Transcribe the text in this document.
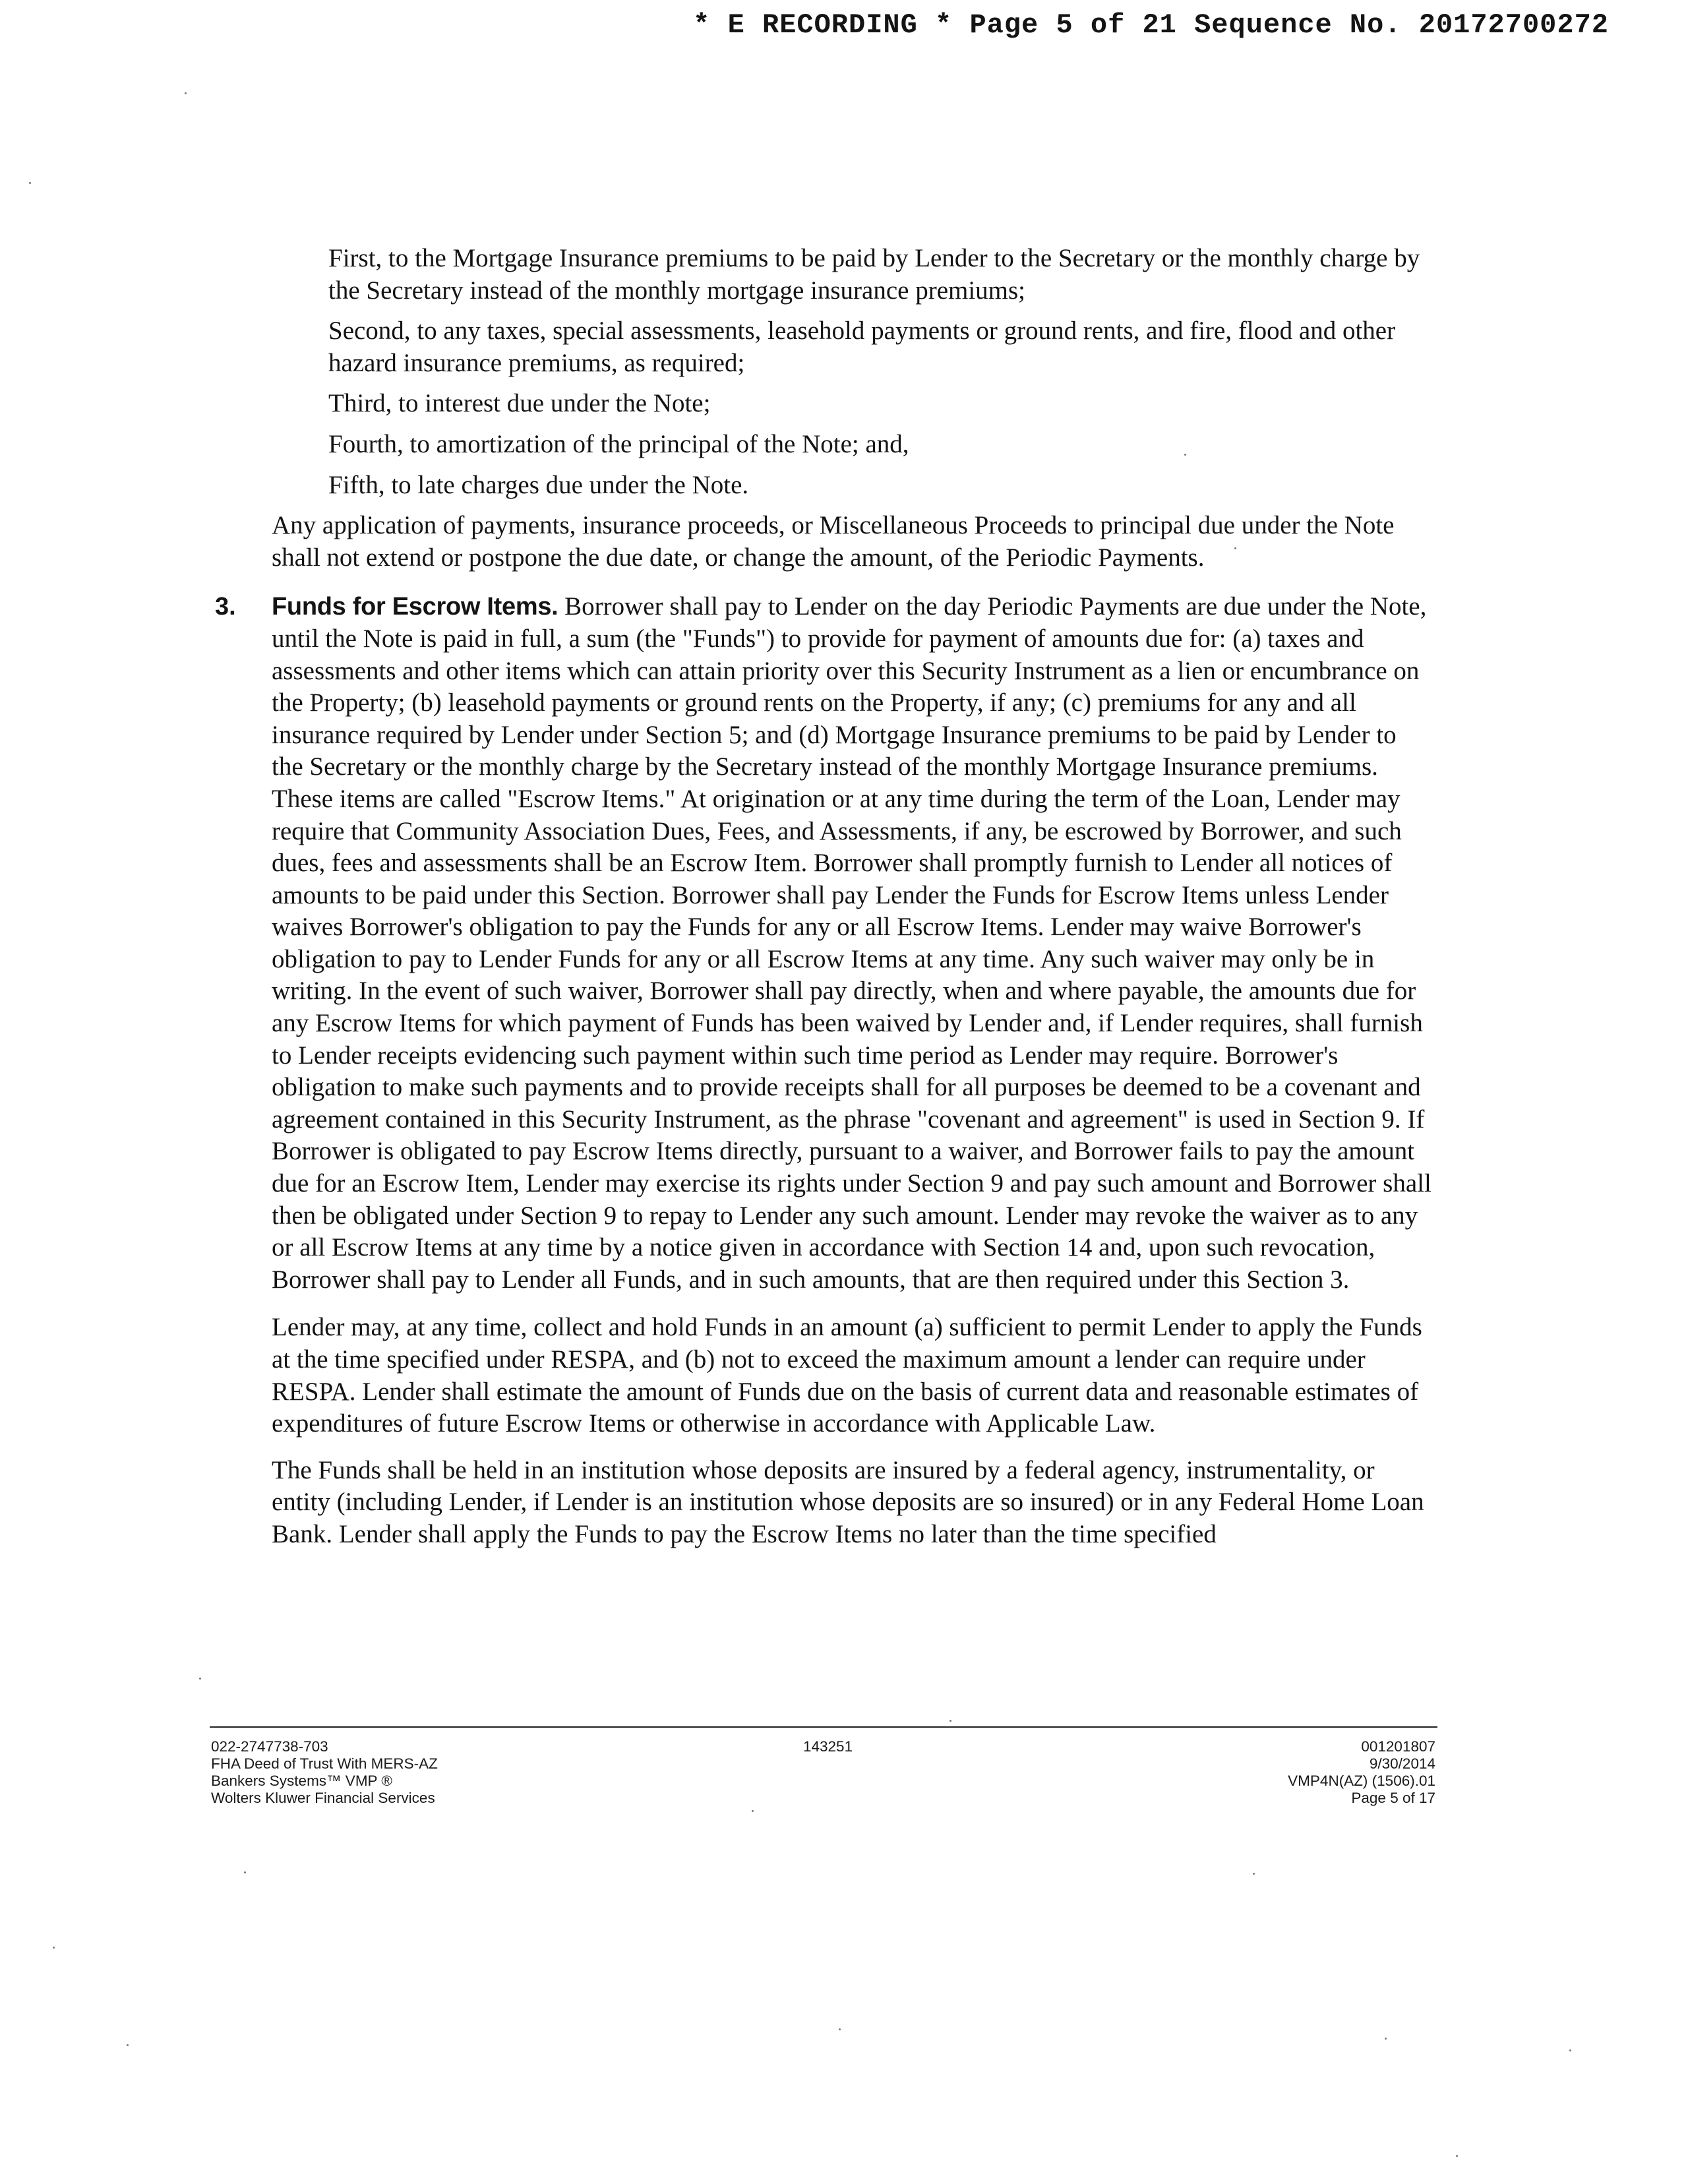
* E RECORDING * Page 5 of 21 Sequence No. 20172700272

First, to the Mortgage Insurance premiums to be paid by Lender to the Secretary or the monthly charge by the Secretary instead of the monthly mortgage insurance premiums;

Second, to any taxes, special assessments, leasehold payments or ground rents, and fire, flood and other hazard insurance premiums, as required;

Third, to interest due under the Note;

Fourth, to amortization of the principal of the Note; and,

Fifth, to late charges due under the Note.

Any application of payments, insurance proceeds, or Miscellaneous Proceeds to principal due under the Note shall not extend or postpone the due date, or change the amount, of the Periodic Payments.

3. Funds for Escrow Items. Borrower shall pay to Lender on the day Periodic Payments are due under the Note, until the Note is paid in full, a sum (the "Funds") to provide for payment of amounts due for: (a) taxes and assessments and other items which can attain priority over this Security Instrument as a lien or encumbrance on the Property; (b) leasehold payments or ground rents on the Property, if any; (c) premiums for any and all insurance required by Lender under Section 5; and (d) Mortgage Insurance premiums to be paid by Lender to the Secretary or the monthly charge by the Secretary instead of the monthly Mortgage Insurance premiums. These items are called "Escrow Items." At origination or at any time during the term of the Loan, Lender may require that Community Association Dues, Fees, and Assessments, if any, be escrowed by Borrower, and such dues, fees and assessments shall be an Escrow Item. Borrower shall promptly furnish to Lender all notices of amounts to be paid under this Section. Borrower shall pay Lender the Funds for Escrow Items unless Lender waives Borrower's obligation to pay the Funds for any or all Escrow Items. Lender may waive Borrower's obligation to pay to Lender Funds for any or all Escrow Items at any time. Any such waiver may only be in writing. In the event of such waiver, Borrower shall pay directly, when and where payable, the amounts due for any Escrow Items for which payment of Funds has been waived by Lender and, if Lender requires, shall furnish to Lender receipts evidencing such payment within such time period as Lender may require. Borrower's obligation to make such payments and to provide receipts shall for all purposes be deemed to be a covenant and agreement contained in this Security Instrument, as the phrase "covenant and agreement" is used in Section 9. If Borrower is obligated to pay Escrow Items directly, pursuant to a waiver, and Borrower fails to pay the amount due for an Escrow Item, Lender may exercise its rights under Section 9 and pay such amount and Borrower shall then be obligated under Section 9 to repay to Lender any such amount. Lender may revoke the waiver as to any or all Escrow Items at any time by a notice given in accordance with Section 14 and, upon such revocation, Borrower shall pay to Lender all Funds, and in such amounts, that are then required under this Section 3.

Lender may, at any time, collect and hold Funds in an amount (a) sufficient to permit Lender to apply the Funds at the time specified under RESPA, and (b) not to exceed the maximum amount a lender can require under RESPA. Lender shall estimate the amount of Funds due on the basis of current data and reasonable estimates of expenditures of future Escrow Items or otherwise in accordance with Applicable Law.

The Funds shall be held in an institution whose deposits are insured by a federal agency, instrumentality, or entity (including Lender, if Lender is an institution whose deposits are so insured) or in any Federal Home Loan Bank. Lender shall apply the Funds to pay the Escrow Items no later than the time specified

022-2747738-703
FHA Deed of Trust With MERS-AZ
Bankers Systems™ VMP ®
Wolters Kluwer Financial Services
143251	001201807
9/30/2014
VMP4N(AZ) (1506).01
Page 5 of 17
